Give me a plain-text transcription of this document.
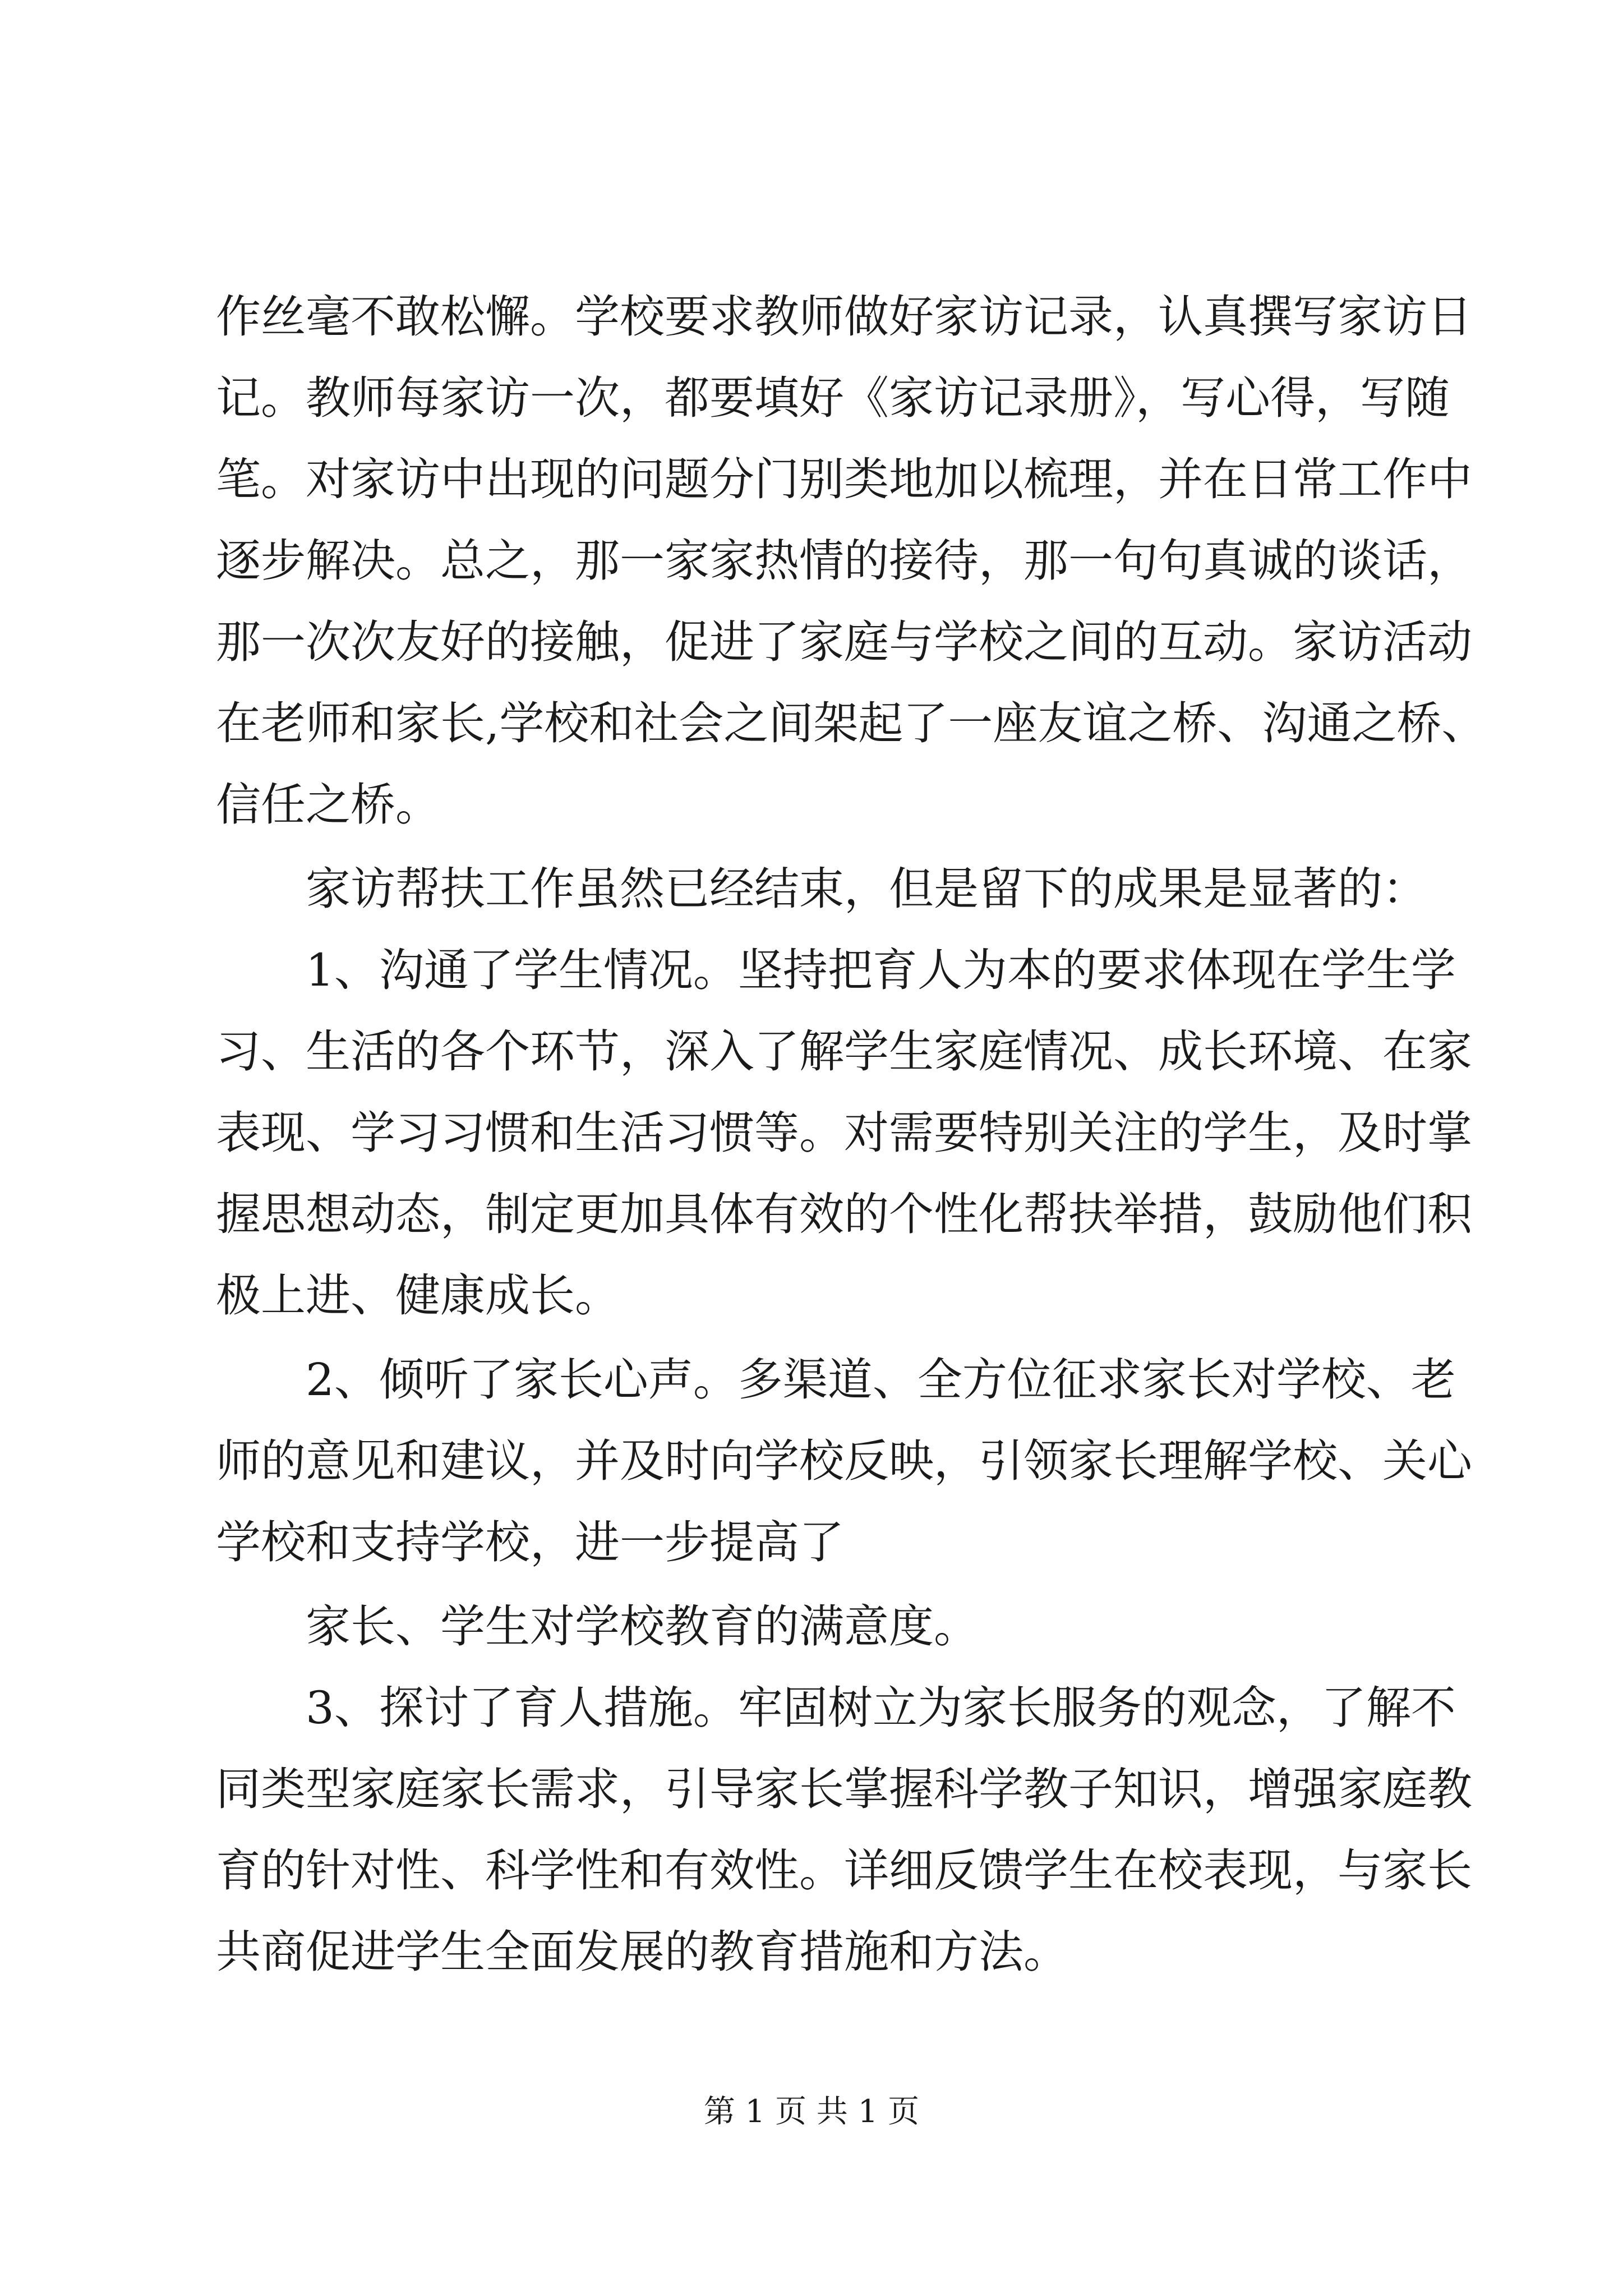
作丝毫不敢松懈。学校要求教师做好家访记录，认真撰写家访日
记。教师每家访一次，都要填好《家访记录册》，写心得，写随
笔。对家访中出现的问题分门别类地加以梳理，并在日常工作中
逐步解决。总之，那一家家热情的接待，那一句句真诚的谈话，
那一次次友好的接触，促进了家庭与学校之间的互动。家访活动
在老师和家长,学校和社会之间架起了一座友谊之桥、沟通之桥、
信任之桥。
家访帮扶工作虽然已经结束，但是留下的成果是显著的：
1、沟通了学生情况。坚持把育人为本的要求体现在学生学
习、生活的各个环节，深入了解学生家庭情况、成长环境、在家
表现、学习习惯和生活习惯等。对需要特别关注的学生，及时掌
握思想动态，制定更加具体有效的个性化帮扶举措，鼓励他们积
极上进、健康成长。
2、倾听了家长心声。多渠道、全方位征求家长对学校、老
师的意见和建议，并及时向学校反映，引领家长理解学校、关心
学校和支持学校，进一步提高了
家长、学生对学校教育的满意度。
3、探讨了育人措施。牢固树立为家长服务的观念，了解不
同类型家庭家长需求，引导家长掌握科学教子知识，增强家庭教
育的针对性、科学性和有效性。详细反馈学生在校表现，与家长
共商促进学生全面发展的教育措施和方法。
第 1 页 共 1 页
